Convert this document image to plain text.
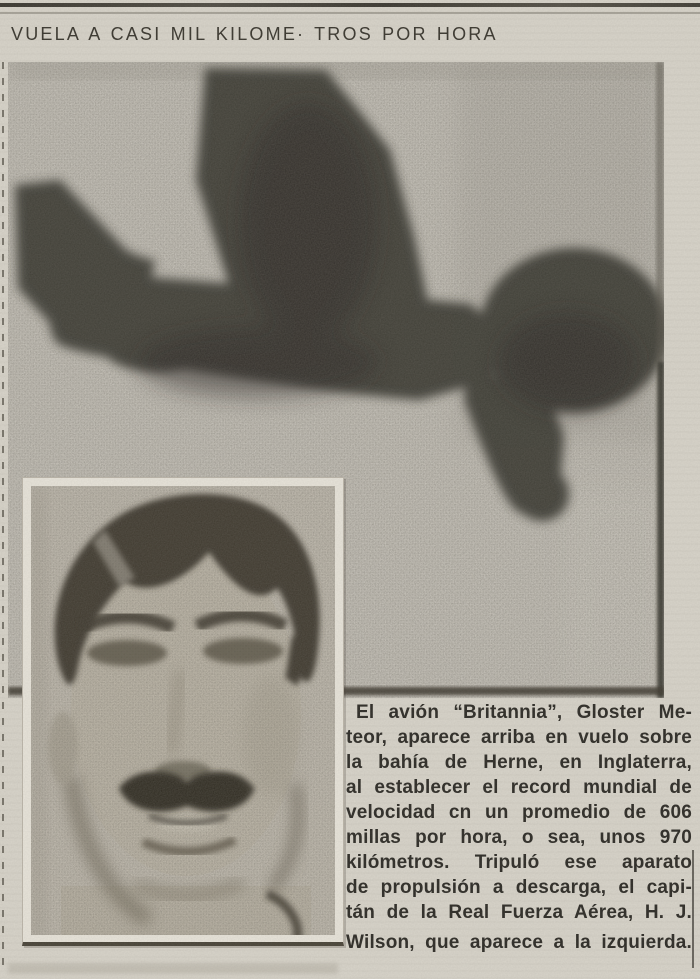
VUELA A CASI MIL KILOME· TROS POR HORA
El avión “Britannia”, Gloster Me-
teor, aparece arriba en vuelo sobre
la bahía de Herne, en Inglaterra,
al establecer el record mundial de
velocidad cn un promedio de 606
millas por hora, o sea, unos 970
kilómetros. Tripuló ese aparato
de propulsión a descarga, el capi-
tán de la Real Fuerza Aérea, H. J.
Wilson, que aparece a la izquierda.
